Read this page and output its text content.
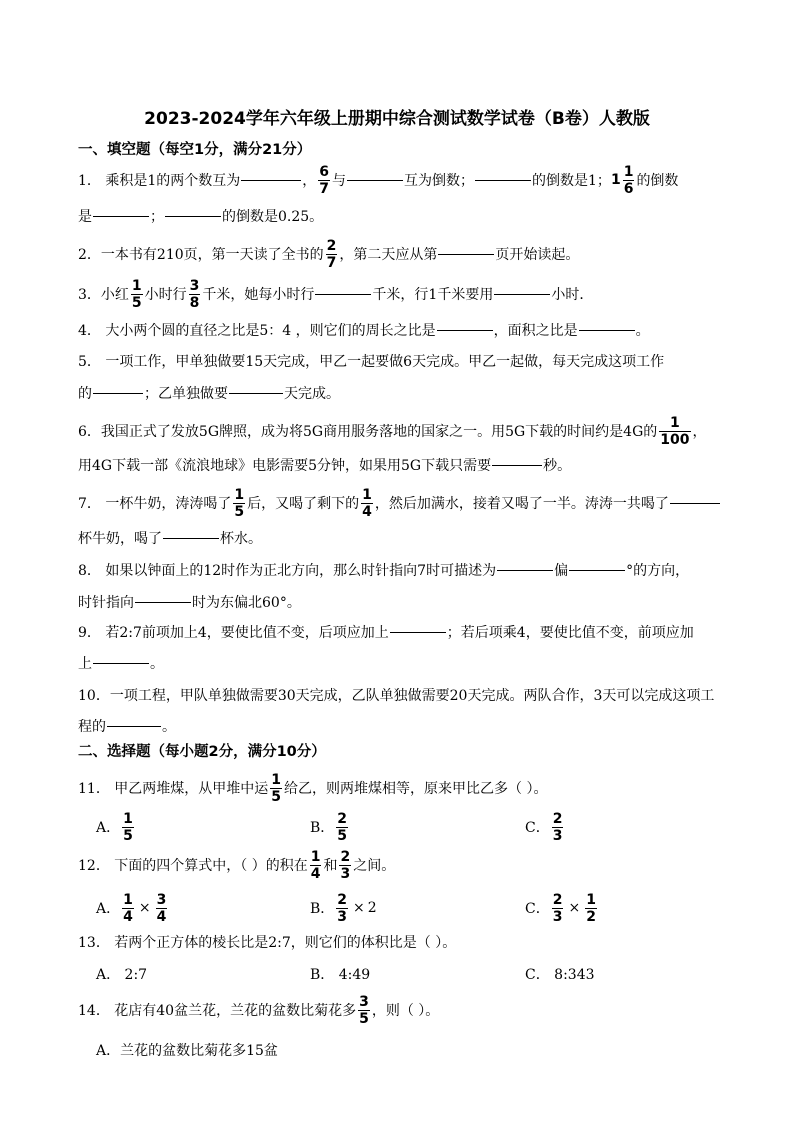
2023-2024学年六年级上册期中综合测试数学试卷（B卷）人教版
一、填空题（每空1分，满分21分）
1． 乘积是1的两个数互为	，
6
7 与	互为倒数；	的倒数是1； 1
1
6 的倒数
是	；	的倒数是0.25。
2．一本书有210页，第一天读了全书的
2
7 ，第二天应从第	页开始读起。
3．小红
1
5 小时行
3
8 千米，她每小时行	千米，行1千米要用	小时．
4． 大小两个圆的直径之比是5：4 ，则它们的周长之比是	，面积之比是	。
5． 一项工作，甲单独做要15天完成，甲乙一起要做6天完成。甲乙一起做，每天完成这项工作
的	；乙单独做要	天完成。
6．我国正式了发放5G牌照，成为将5G商用服务落地的国家之一。用5G下载的时间约是4G的
1
100 ，
用4G下载一部《流浪地球》电影需要5分钟，如果用5G下载只需要	秒。
7． 一杯牛奶，涛涛喝了
1
5 后，又喝了剩下的
1
4 ，然后加满水，接着又喝了一半。涛涛一共喝了
杯牛奶，喝了	杯水。
8． 如果以钟面上的12时作为正北方向，那么时针指向7时可描述为	偏	°的方向，
时针指向	时为东偏北60°。
9． 若2:7前项加上4，要使比值不变，后项应加上	；若后项乘4，要使比值不变，前项应加
上	。
10．一项工程，甲队单独做需要30天完成，乙队单独做需要20天完成。两队合作，3天可以完成这项工
程的	。
二、选择题（每小题2分，满分10分）
11． 甲乙两堆煤，从甲堆中运
1
5 给乙，则两堆煤相等，原来甲比乙多（ ）。
A．
1
5	B．
2
5	C．
2
3
12． 下面的四个算式中，（ ）的积在
1
4 和
2
3 之间。
A．
1
4
×
3
4	B．
2
3
× 2	C．
2
3
×
1
2
13． 若两个正方体的棱长比是2:7，则它们的体积比是（ ）。
A． 2:7	B． 4:49	C． 8:343
14． 花店有40盆兰花，兰花的盆数比菊花多
3
5 ，则（ ）。
A．兰花的盆数比菊花多15盆
